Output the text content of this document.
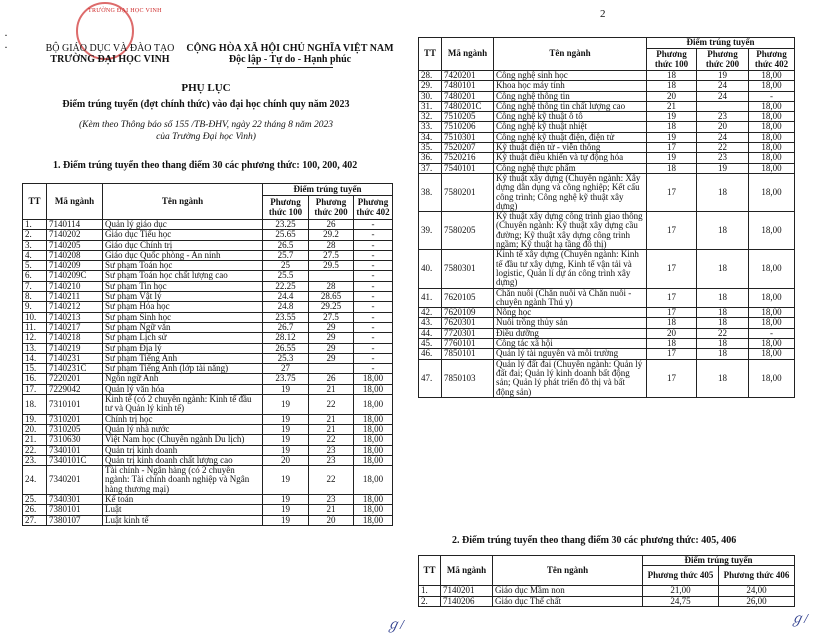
·
·
TRƯỜNG ĐẠI HỌC VINH
BỘ GIÁO DỤC VÀ ĐÀO TẠO
TRƯỜNG ĐẠI HỌC VINH
CỘNG HÒA XÃ HỘI CHỦ NGHĨA VIỆT NAM
Độc lập - Tự do - Hạnh phúc
PHỤ LỤC
Điểm trúng tuyển (đợt chính thức) vào đại học chính quy năm 2023
(Kèm theo Thông báo số 155 /TB-ĐHV, ngày 22 tháng 8 năm 2023
của Trường Đại học Vinh)
1. Điểm trúng tuyển theo thang điểm 30 các phương thức: 100, 200, 402
TT	Mã ngành	Tên ngành	Điểm trúng tuyển		
			Phương thức 100	Phương thức 200	Phương thức 402
1.	7140114	Quản lý giáo dục	23.25	26	-
2.	7140202	Giáo dục Tiểu học	25.65	29.2	-
3.	7140205	Giáo dục Chính trị	26.5	28	-
4.	7140208	Giáo dục Quốc phòng - An ninh	25.7	27.5	-
5.	7140209	Sư phạm Toán học	25	29.5	-
6.	7140209C	Sư phạm Toán học chất lượng cao	25.5		-
7.	7140210	Sư phạm Tin học	22.25	28	-
8.	7140211	Sư phạm Vật lý	24.4	28.65	-
9.	7140212	Sư phạm Hóa học	24.8	29.25	-
10.	7140213	Sư phạm Sinh học	23.55	27.5	-
11.	7140217	Sư phạm Ngữ văn	26.7	29	-
12.	7140218	Sư phạm Lịch sử	28.12	29	-
13.	7140219	Sư phạm Địa lý	26.55	29	-
14.	7140231	Sư phạm Tiếng Anh	25.3	29	-
15.	7140231C	Sư phạm Tiếng Anh (lớp tài năng)	27		-
16.	7220201	Ngôn ngữ Anh	23.75	26	18,00
17.	7229042	Quản lý văn hóa	19	21	18,00
18.	7310101	Kinh tế (có 2 chuyên ngành: Kinh tế đầu tư và Quản lý kinh tế)	19	22	18,00
19.	7310201	Chính trị học	19	21	18,00
20.	7310205	Quản lý nhà nước	19	21	18,00
21.	7310630	Việt Nam học (Chuyên ngành Du lịch)	19	22	18,00
22.	7340101	Quản trị kinh doanh	19	23	18,00
23.	7340101C	Quản trị kinh doanh chất lượng cao	20	23	18,00
24.	7340201	Tài chính - Ngân hàng (có 2 chuyên ngành: Tài chính doanh nghiệp và Ngân hàng thương mại)	19	22	18,00
25.	7340301	Kế toán	19	23	18,00
26.	7380101	Luật	19	21	18,00
27.	7380107	Luật kinh tế	19	20	18,00
2
TT	Mã ngành	Tên ngành	Điểm trúng tuyển		
			Phương thức 100	Phương thức 200	Phương thức 402
28.	7420201	Công nghệ sinh học	18	19	18,00
29.	7480101	Khoa học máy tính	18	24	18,00
30.	7480201	Công nghệ thông tin	20	24	-
31.	7480201C	Công nghệ thông tin chất lượng cao	21		18,00
32.	7510205	Công nghệ kỹ thuật ô tô	19	23	18,00
33.	7510206	Công nghệ kỹ thuật nhiệt	18	20	18,00
34.	7510301	Công nghệ kỹ thuật điện, điện tử	19	24	18,00
35.	7520207	Kỹ thuật điện tử - viễn thông	17	22	18,00
36.	7520216	Kỹ thuật điều khiển và tự động hóa	19	23	18,00
37.	7540101	Công nghệ thực phẩm	18	19	18,00
38.	7580201	Kỹ thuật xây dựng (Chuyên ngành: Xây dựng dân dụng và công nghiệp; Kết cấu công trình; Công nghệ kỹ thuật xây dựng)	17	18	18,00
39.	7580205	Kỹ thuật xây dựng công trình giao thông (Chuyên ngành: Kỹ thuật xây dựng cầu đường; Kỹ thuật xây dựng công trình ngầm; Kỹ thuật hạ tầng đô thị)	17	18	18,00
40.	7580301	Kinh tế xây dựng (Chuyên ngành: Kinh tế đầu tư xây dựng, Kinh tế vận tải và logistic, Quản lí dự án công trình xây dựng)	17	18	18,00
41.	7620105	Chăn nuôi (Chăn nuôi và Chăn nuôi - chuyên ngành Thú y)	17	18	18,00
42.	7620109	Nông học	17	18	18,00
43.	7620301	Nuôi trồng thủy sản	18	18	18,00
44.	7720301	Điều dưỡng	20	22	-
45.	7760101	Công tác xã hội	18	18	18,00
46.	7850101	Quản lý tài nguyên và môi trường	17	18	18,00
47.	7850103	Quản lý đất đai (Chuyên ngành: Quản lý đất đai; Quản lý kinh doanh bất động sản; Quản lý phát triển đô thị và bất động sản)	17	18	18,00
2. Điểm trúng tuyển theo thang điểm 30 các phương thức: 405, 406
TT	Mã ngành	Tên ngành	Điểm trúng tuyển	
			Phương thức 405	Phương thức 406
1.	7140201	Giáo dục Mầm non	21,00	24,00
2.	7140206	Giáo dục Thể chất	24,75	26,00
ℊ/	ℊ/
